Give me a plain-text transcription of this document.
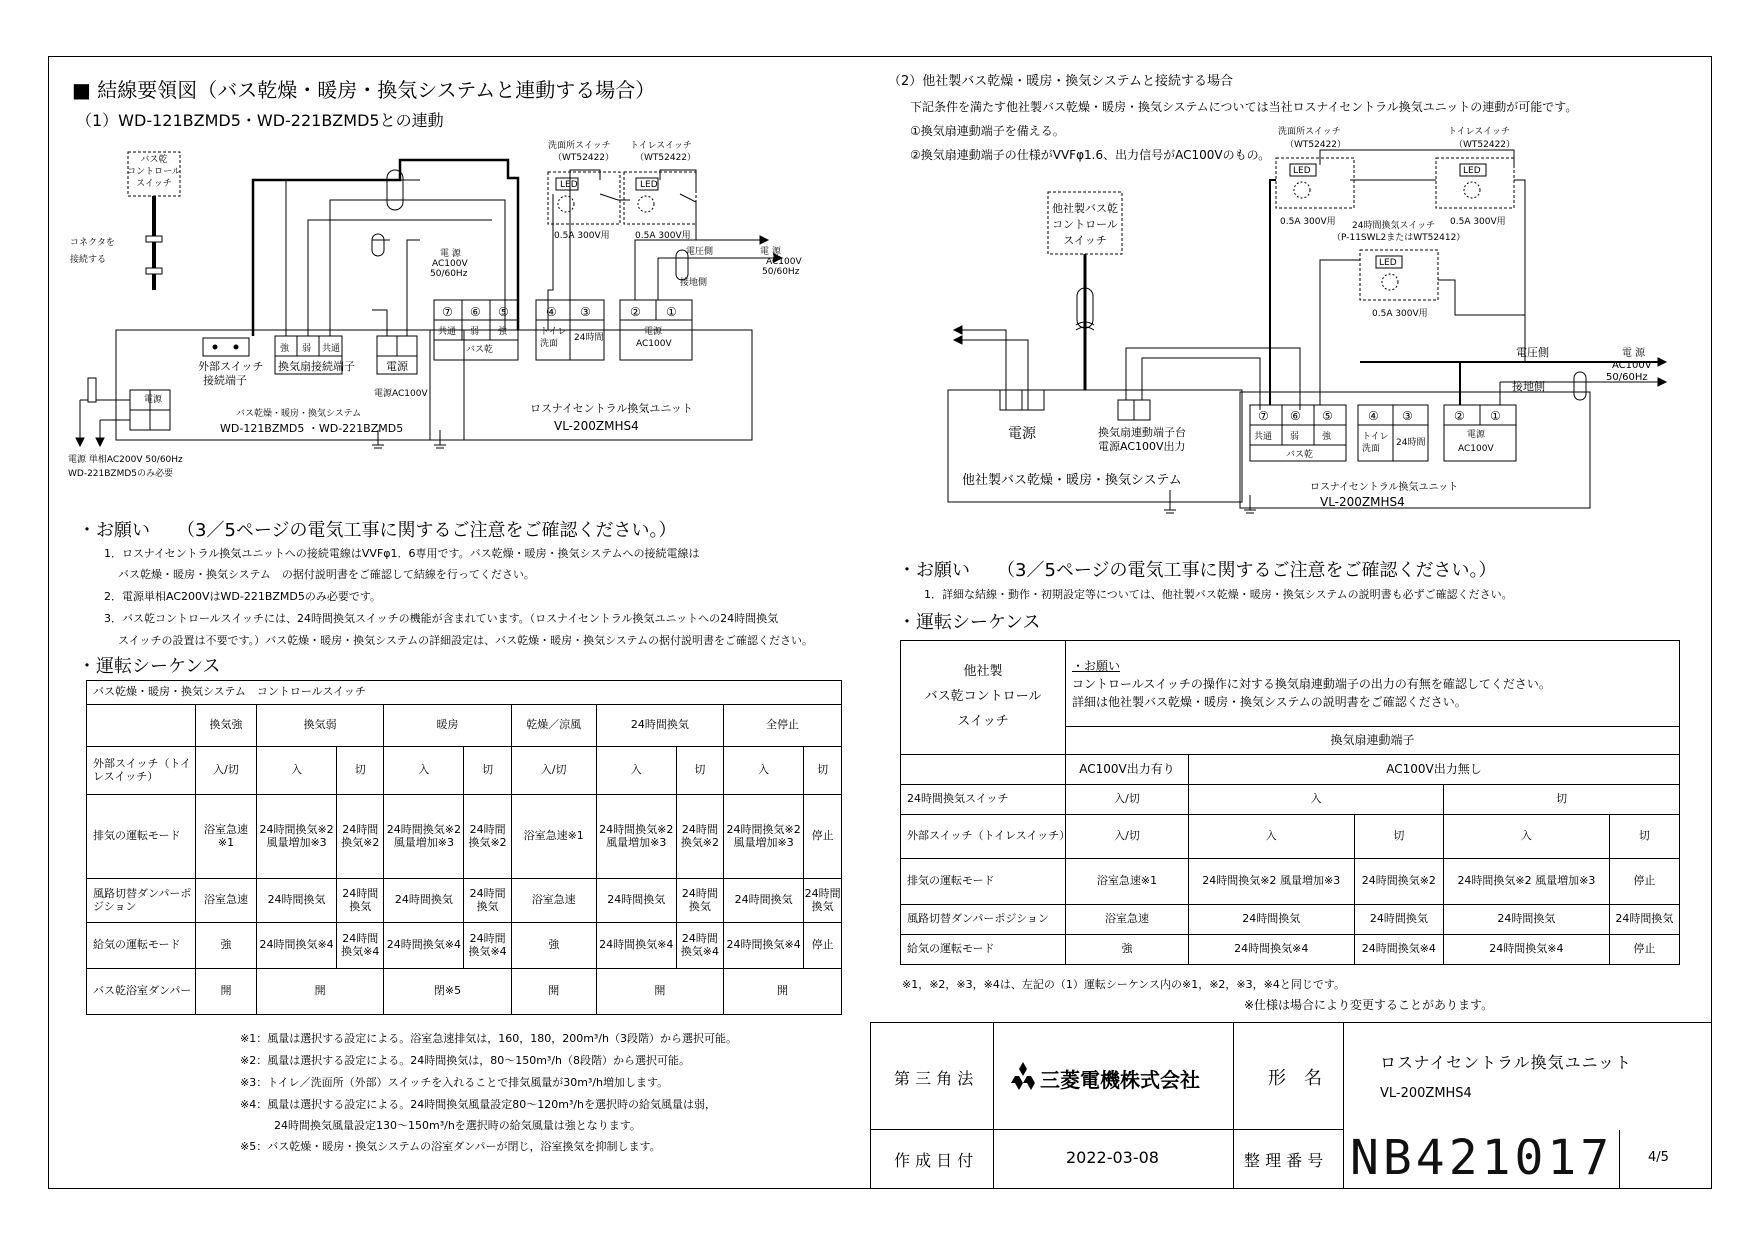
■ 結線要領図（バス乾燥・暖房・換気システムと連動する場合）
（1）WD-121BZMD5・WD-221BZMD5との連動
バス乾
コントロール
スイッチ
コネクタを
接続する
洗面所スイッチ
（WT52422）
トイレスイッチ
（WT52422）
0.5A 300V用	0.5A 300V用
LED	LED
電 源
AC100V
50/60Hz
電圧側
接地側
電 源
AC100V
50/60Hz
外部スイッチ
接続端子
強 弱 共通
換気扇接続端子	電源
電源AC100V
バス乾燥・暖房・換気システム
WD-121BZMD5 ・WD-221BZMD5
電源
電源 単相AC200V 50/60Hz
WD-221BZMD5のみ必要
⑦ ⑥ ⑤	④ ③	② ①
共通 弱 強	トイレ
洗面
24時間
電源
AC100V
バス乾
ロスナイセントラル換気ユニット
VL-200ZMHS4
・お願い　　（3／5ページの電気工事に関するご注意をご確認ください。）
1．ロスナイセントラル換気ユニットへの接続電線はVVFφ1．6専用です。バス乾燥・暖房・換気システムへの接続電線は
バス乾燥・暖房・換気システム　の据付説明書をご確認して結線を行ってください。
2．電源単相AC200VはWD-221BZMD5のみ必要です。
3．バス乾コントロールスイッチには、24時間換気スイッチの機能が含まれています。（ロスナイセントラル換気ユニットへの24時間換気
スイッチの設置は不要です。）バス乾燥・暖房・換気システムの詳細設定は、バス乾燥・暖房・換気システムの据付説明書をご確認ください。
・運転シーケンス
バス乾燥・暖房・換気システム　コントロールスイッチ										
	換気強	換気弱		暖房		乾燥／涼風	24時間換気		全停止	
外部スイッチ（トイレスイッチ）	入/切	入	切	入	切	入/切	入	切	入	切
排気の運転モード	浴室急速※1	24時間換気※2 風量増加※3	24時間換気※2	24時間換気※2 風量増加※3	24時間換気※2	浴室急速※1	24時間換気※2 風量増加※3	24時間換気※2	24時間換気※2 風量増加※3	停止
風路切替ダンパーポジション	浴室急速	24時間換気	24時間換気	24時間換気	24時間換気	浴室急速	24時間換気	24時間換気	24時間換気	24時間換気
給気の運転モード	強	24時間換気※4	24時間換気※4	24時間換気※4	24時間換気※4	強	24時間換気※4	24時間換気※4	24時間換気※4	停止
バス乾浴室ダンパー	開	開		閉※5		開	開		開	
※1：風量は選択する設定による。浴室急速排気は，160，180，200m³/h（3段階）から選択可能。
※2：風量は選択する設定による。24時間換気は，80～150m³/h（8段階）から選択可能。
※3：トイレ／洗面所（外部）スイッチを入れることで排気風量が30m³/h増加します。
※4：風量は選択する設定による。24時間換気風量設定80～120m³/hを選択時の給気風量は弱，
24時間換気風量設定130～150m³/hを選択時の給気風量は強となります。
※5：バス乾燥・暖房・換気システムの浴室ダンパーが閉じ，浴室換気を抑制します。
（2）他社製バス乾燥・暖房・換気システムと接続する場合
下記条件を満たす他社製バス乾燥・暖房・換気システムについては当社ロスナイセントラル換気ユニットの連動が可能です。
①換気扇連動端子を備える。
②換気扇連動端子の仕様がVVFφ1.6、出力信号がAC100Vのもの。
他社製バス乾
コントロール
スイッチ
洗面所スイッチ
（WT52422）
トイレスイッチ
（WT52422）
24時間換気スイッチ
（P-11SWL2またはWT52412）
0.5A 300V用	0.5A 300V用
0.5A 300V用
LED	LED
LED
電圧側
接地側
電 源
AC100V
50/60Hz
電源	換気扇連動端子台
電源AC100V出力
他社製バス乾燥・暖房・換気システム
⑦ ⑥ ⑤	④ ③	② ①
共通 弱	強	トイレ
洗面
24時間
電源
AC100V
バス乾
ロスナイセントラル換気ユニット
VL-200ZMHS4
・お願い　　（3／5ページの電気工事に関するご注意をご確認ください。）
1．詳細な結線・動作・初期設定等については、他社製バス乾燥・暖房・換気システムの説明書も必ずご確認ください。
・運転シーケンス
他社製
バス乾コントロール
スイッチ	・お願い
コントロールスイッチの操作に対する換気扇連動端子の出力の有無を確認してください。
詳細は他社製バス乾燥・暖房・換気システムの説明書をご確認ください。				
	換気扇連動端子				
	AC100V出力有り	AC100V出力無し			
24時間換気スイッチ	入/切	入		切	
外部スイッチ（トイレスイッチ）	入/切	入	切	入	切
排気の運転モード	浴室急速※1	24時間換気※2 風量増加※3	24時間換気※2	24時間換気※2 風量増加※3	停止
風路切替ダンパーポジション	浴室急速	24時間換気	24時間換気	24時間換気	24時間換気
給気の運転モード	強	24時間換気※4	24時間換気※4	24時間換気※4	停止
※1，※2，※3，※4は、左記の（1）運転シーケンス内の※1，※2，※3，※4と同じです。
※仕様は場合により変更することがあります。
第 三 角 法	三菱電機株式会社	形　名
ロスナイセントラル換気ユニット
VL-200ZMHS4
作 成 日 付	2022-03-08	整 理 番 号 NB421017	4/5
